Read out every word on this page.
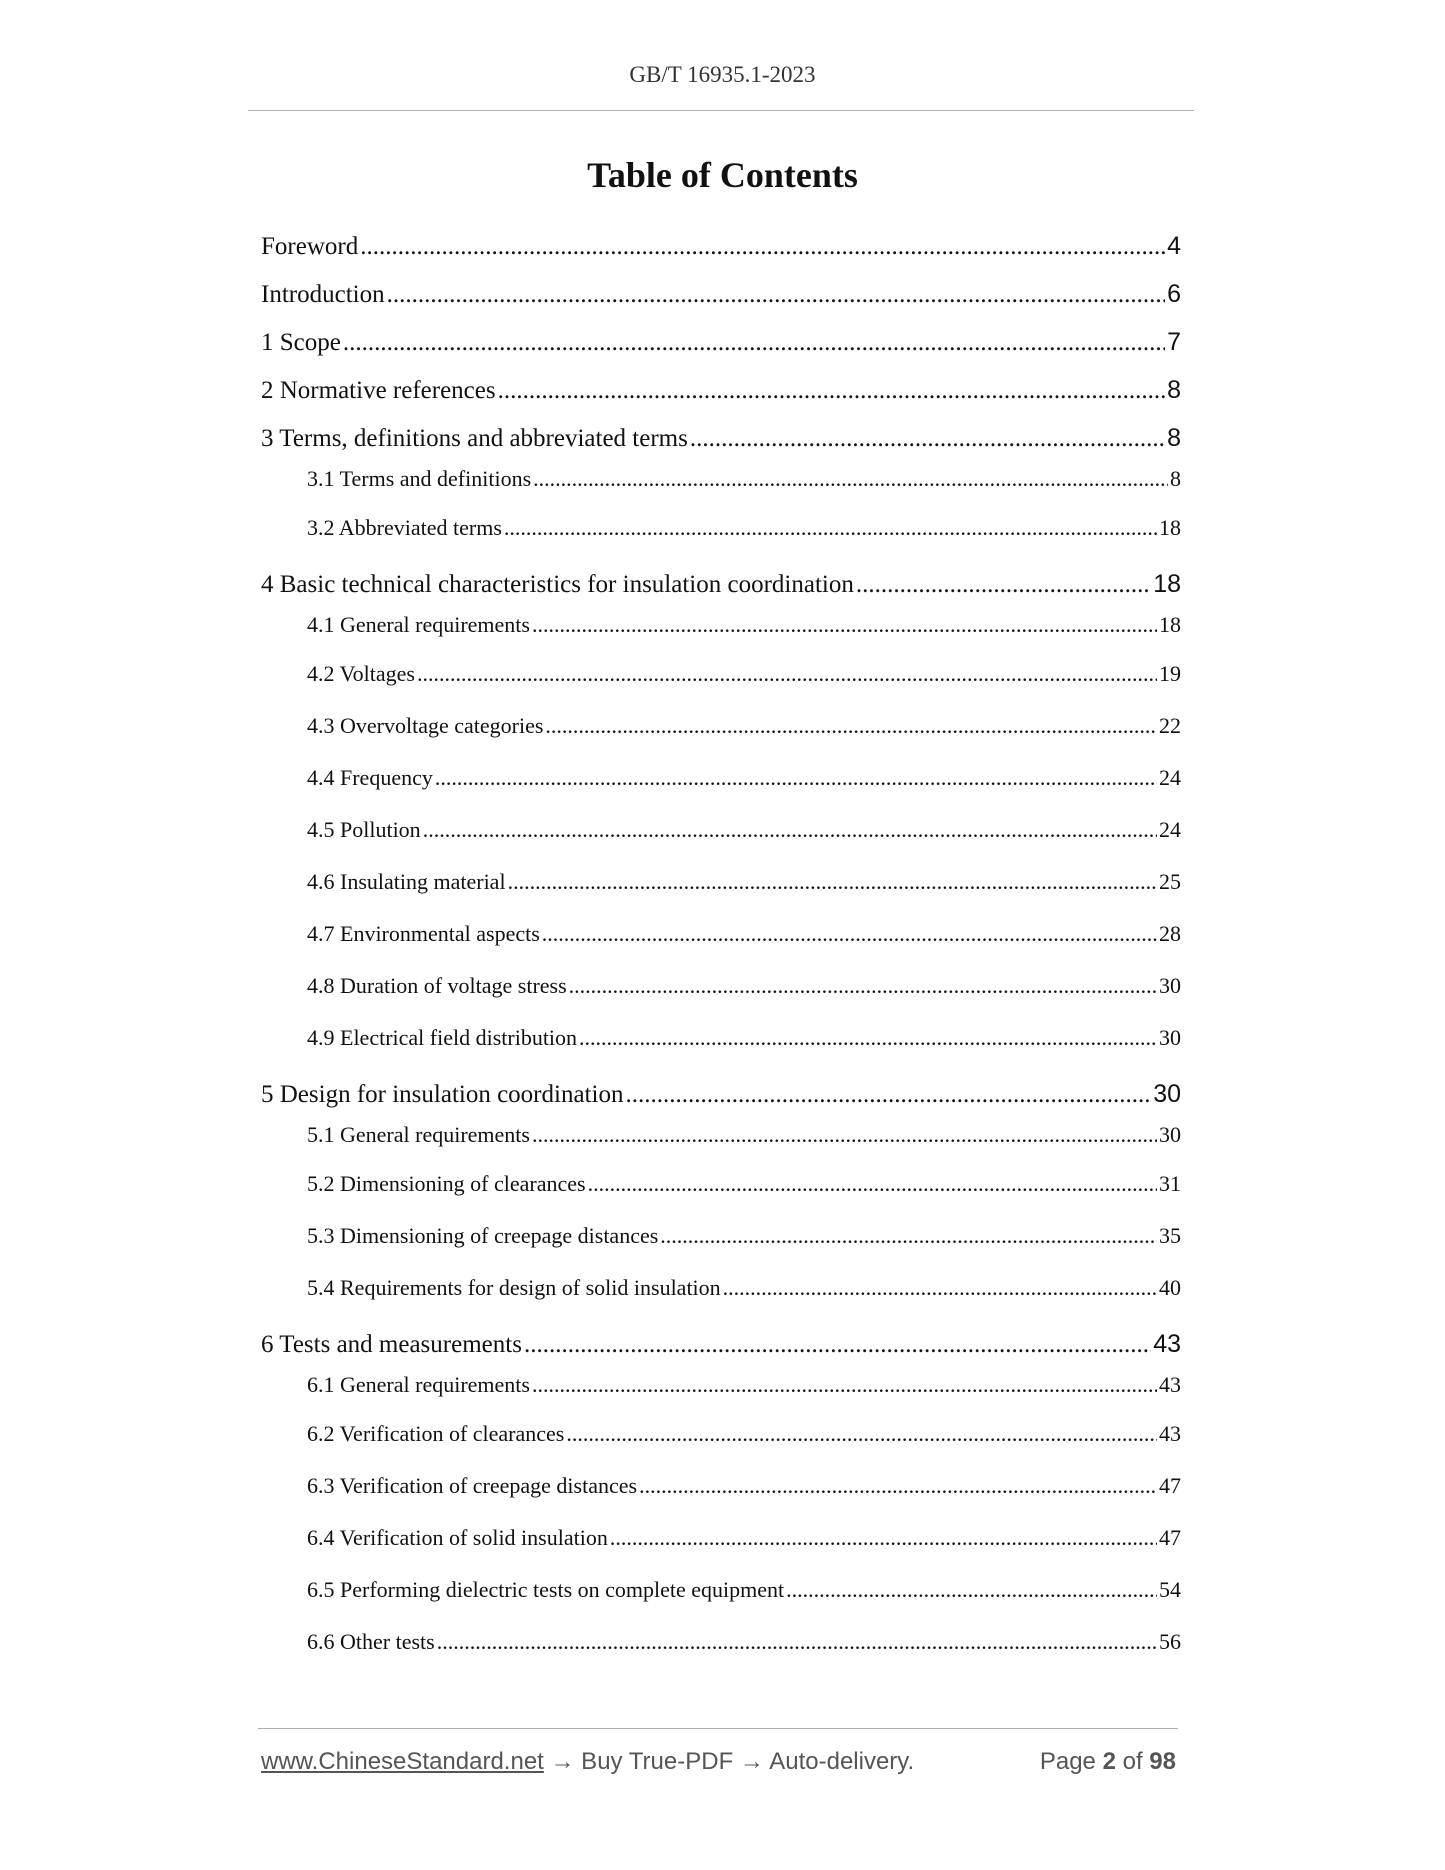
GB/T 16935.1-2023
Table of Contents
Foreword .....	4
Introduction .....	6
1 Scope .....	7
2 Normative references .....	8
3 Terms, definitions and abbreviated terms .....	8
3.1 Terms and definitions .....	8
3.2 Abbreviated terms .....	18
4 Basic technical characteristics for insulation coordination .....	18
4.1 General requirements .....	18
4.2 Voltages .....	19
4.3 Overvoltage categories .....	22
4.4 Frequency .....	24
4.5 Pollution .....	24
4.6 Insulating material .....	25
4.7 Environmental aspects .....	28
4.8 Duration of voltage stress .....	30
4.9 Electrical field distribution .....	30
5 Design for insulation coordination .....	30
5.1 General requirements .....	30
5.2 Dimensioning of clearances .....	31
5.3 Dimensioning of creepage distances .....	35
5.4 Requirements for design of solid insulation .....	40
6 Tests and measurements .....	43
6.1 General requirements .....	43
6.2 Verification of clearances .....	43
6.3 Verification of creepage distances .....	47
6.4 Verification of solid insulation .....	47
6.5 Performing dielectric tests on complete equipment .....	54
6.6 Other tests .....	56
www.ChineseStandard.net → Buy True-PDF → Auto-delivery.	Page 2 of 98
